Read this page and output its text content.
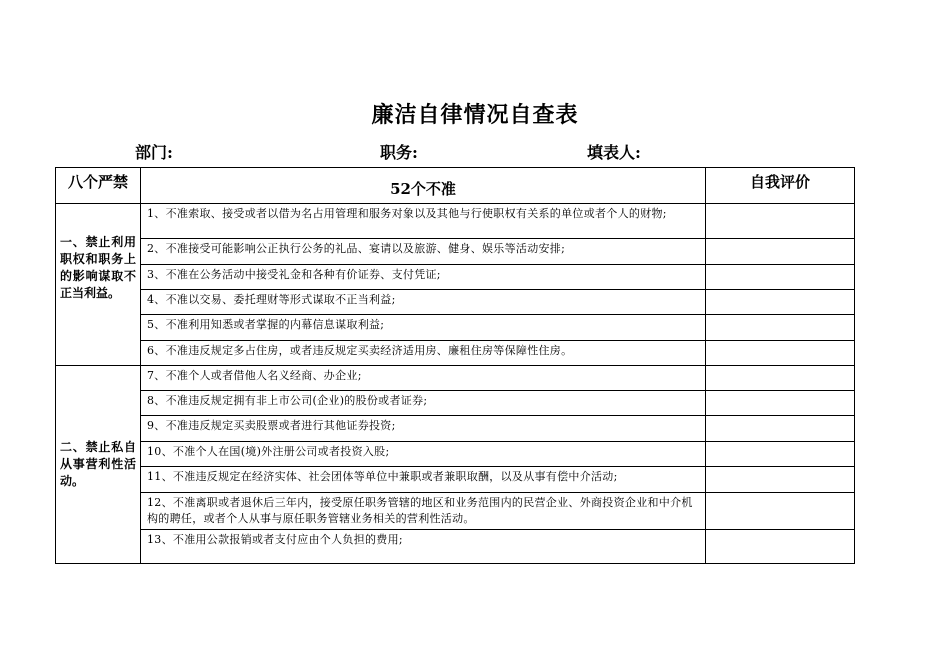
廉洁自律情况自查表
部门:	职务:	填表人:
八个严禁	52个不准	自我评价
一、禁止利用职权和职务上的影响谋取不正当利益。	1、不准索取、接受或者以借为名占用管理和服务对象以及其他与行使职权有关系的单位或者个人的财物;	
	2、不准接受可能影响公正执行公务的礼品、宴请以及旅游、健身、娱乐等活动安排;	
	3、不准在公务活动中接受礼金和各种有价证券、支付凭证;	
	4、不准以交易、委托理财等形式谋取不正当利益;	
	5、不准利用知悉或者掌握的内幕信息谋取利益;	
	6、不准违反规定多占住房，或者违反规定买卖经济适用房、廉租住房等保障性住房。	
二、禁止私自从事营利性活动。	7、不准个人或者借他人名义经商、办企业;	
	8、不准违反规定拥有非上市公司(企业)的股份或者证券;	
	9、不准违反规定买卖股票或者进行其他证券投资;	
	10、不准个人在国(境)外注册公司或者投资入股;	
	11、不准违反规定在经济实体、社会团体等单位中兼职或者兼职取酬，以及从事有偿中介活动;	
	12、不准离职或者退休后三年内，接受原任职务管辖的地区和业务范围内的民营企业、外商投资企业和中介机构的聘任，或者个人从事与原任职务管辖业务相关的营利性活动。	
	13、不准用公款报销或者支付应由个人负担的费用;	
